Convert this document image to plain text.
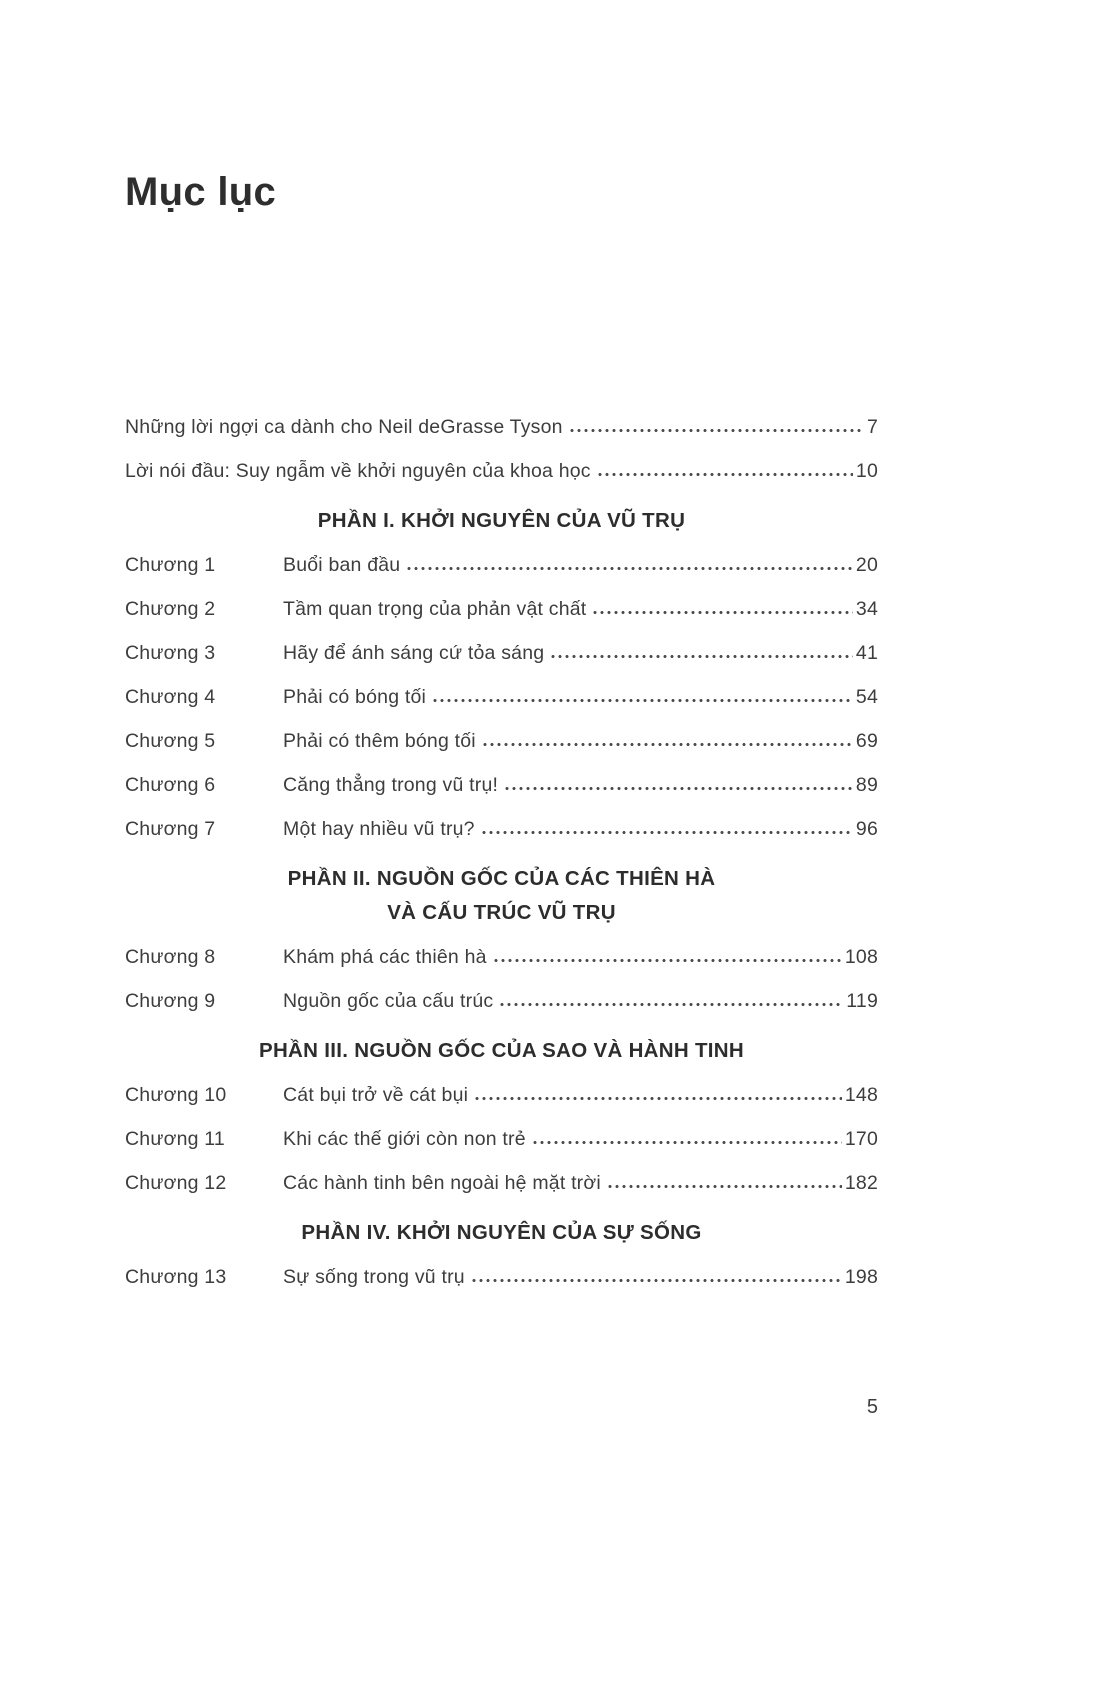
Mục lục
Những lời ngợi ca dành cho Neil deGrasse Tyson	7
Lời nói đầu: Suy ngẫm về khởi nguyên của khoa học	10
PHẦN I. KHỞI NGUYÊN CỦA VŨ TRỤ
Chương 1	Buổi ban đầu	20
Chương 2	Tầm quan trọng của phản vật chất	34
Chương 3	Hãy để ánh sáng cứ tỏa sáng	41
Chương 4	Phải có bóng tối	54
Chương 5	Phải có thêm bóng tối	69
Chương 6	Căng thẳng trong vũ trụ!	89
Chương 7	Một hay nhiều vũ trụ?	96
PHẦN II. NGUỒN GỐC CỦA CÁC THIÊN HÀ
VÀ CẤU TRÚC VŨ TRỤ
Chương 8	Khám phá các thiên hà	108
Chương 9	Nguồn gốc của cấu trúc	119
PHẦN III. NGUỒN GỐC CỦA SAO VÀ HÀNH TINH
Chương 10	Cát bụi trở về cát bụi	148
Chương 11	Khi các thế giới còn non trẻ	170
Chương 12	Các hành tinh bên ngoài hệ mặt trời	182
PHẦN IV. KHỞI NGUYÊN CỦA SỰ SỐNG
Chương 13	Sự sống trong vũ trụ	198
5
